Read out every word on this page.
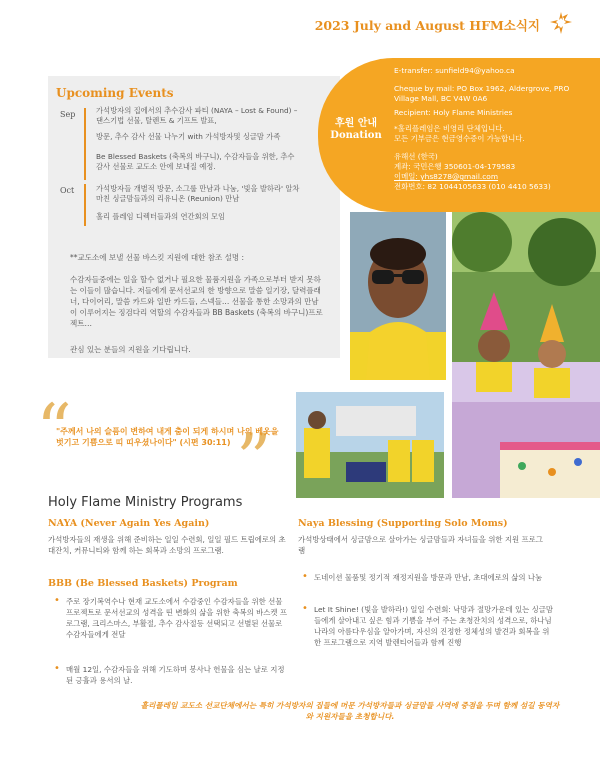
2023 July and August HFM소식지
Upcoming Events
Sep	가석방자의 집에서의 추수감사 파티 (NAYA – Lost & Found) – 댄스기법 선물, 탈렌트 & 기프트 발표,
방문, 추수 감사 선물 나누기 with 가석방자및 싱글맘 가족
Be Blessed Baskets (축복의 바구니), 수감자들을 위한, 추수감사 선물로 교도소 안에 보내질 예정.
Oct	가석방자들 개별적 방문, 소그룹 만남과 나눔, '빛을 발하라' 알차 마친 싱글맘들과의 리유니온 (Reunion) 만남
홀리 플레임 디렉터들과의 연간회의 모임
**교도소에 보낼 선물 바스킷 지원에 대한 참조 설명 :
수감자들중에는 일을 할수 없거나 필요한 물품지원을 가족으로부터 받지 못하는 이들이 많습니다. 저들에게 문서선교의 한 방향으로 말씀 일기장, 달력플래너, 다이어리, 말씀 카드와 일반 카드들, 스넥들… 선물을 통한 소망과의 만남이 이루어지는 징검다리 역할의 수감자들과 BB Baskets (축복의 바구니)프로젝트…
관심 있는 분들의 지원을 기다립니다.
후원 안내
Donation
E-transfer: sunfield94@yahoo.ca
Cheque by mail: PO Box 1962, Aldergrove, PRO Village Mall, BC V4W 0A6
Recipient: Holy Flame Ministries
*홀리플레임은 비영리 단체입니다.
모든 기부금은 현금영수증이 가능합니다.
유해선 (한국)
계좌: 국민은행 350601-04-179583
이메일: yhs8278@gmail.com
전화번호: 82 1044105633 (010 4410 5633)
“ ”
"주께서 나의 슬픔이 변하여 내게 춤이 되게 하시며 나의 베옷을 벗기고 기쁨으로 띠 띠우셨나이다" (시편 30:11)
Holy Flame Ministry Programs
NAYA (Never Again Yes Again)
가석방자들의 재생을 위해 준비하는 일일 수련회, 일일 필드 트립에로의 초대잔치, 커뮤니티와 함께 하는 회복과 소망의 프로그램.
BBB (Be Blessed Baskets) Program
• 주로 장기복역수나 현재 교도소에서 수감중인 수감자들을 위한 선물 프로젝트로 문서선교의 성격을 띤 변화의 삶을 위한 축복의 바스켓 프로그램, 크리스마스, 부활절, 추수 감사절등 선택되고 선별된 선물로 수감자들에게 전달
• 매월 12일, 수감자들을 위해 기도하며 봉사나 헌물을 심는 날로 지정된 긍휼과 용서의 날.
Naya Blessing (Supporting Solo Moms)
가석방상태에서 싱글맘으로 살아가는 싱글맘들과 자녀들을 위한 지원 프로그램
• 도네이션 물품및 정기적 재정지원을 방문과 만남, 초대에로의 삶의 나눔
• Let It Shine! (빛을 발하라!) 일일 수련회: 낙망과 절망가운데 있는 싱글맘들에게 살아내고 싶은 힘과 기쁨을 부어 주는 초청잔치의 성격으로, 하나님 나라의 아름다우심을 알아가며, 자신의 진정한 정체성의 발견과 회복을 위한 프로그램으로 지역 발렌티어들과 함께 진행
홀리플레임 교도소 선교단체에서는 특히 가석방자의 집들에 머문 가석방자들과 싱글맘들 사역에 중점을 두며 함께 섬길 동역자와 지원자들을 초청합니다.
